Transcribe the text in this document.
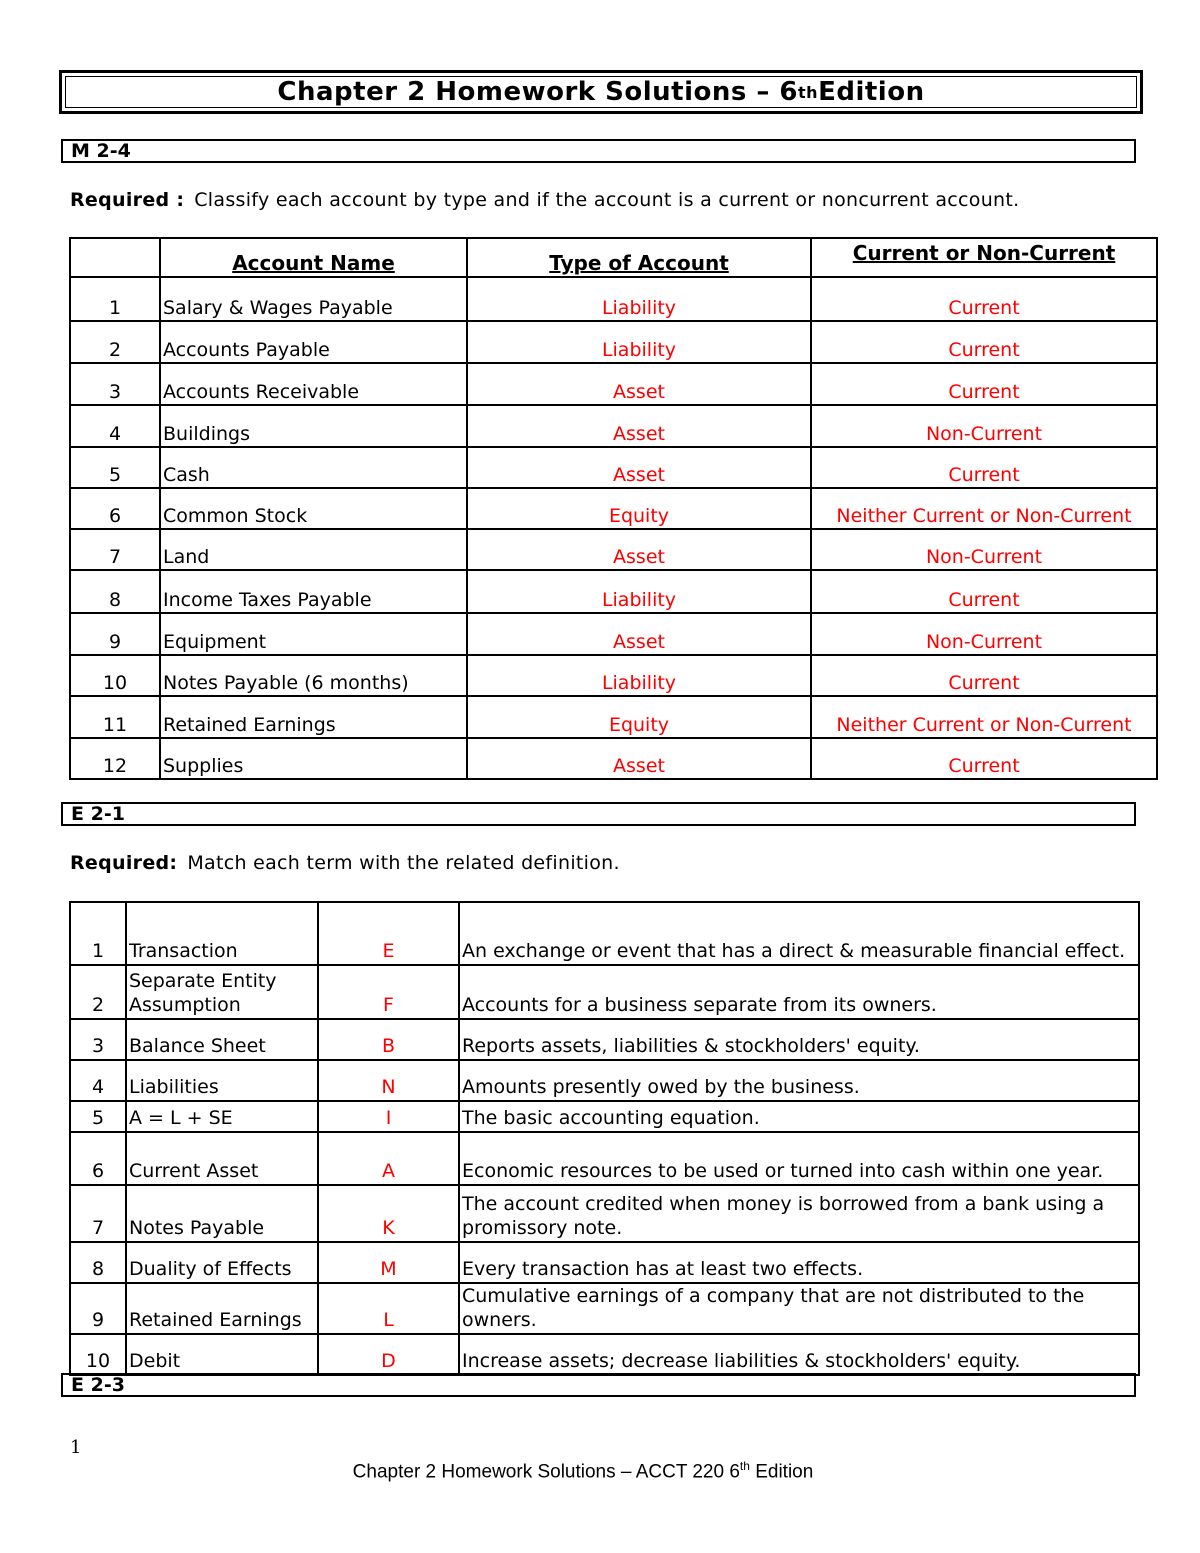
Chapter 2 Homework Solutions – 6 th Edition
M 2-4
Required : Classify each account by type and if the account is a current or noncurrent account.
	Account Name	Type of Account	Current or Non-Current
1	Salary & Wages Payable	Liability	Current
2	Accounts Payable	Liability	Current
3	Accounts Receivable	Asset	Current
4	Buildings	Asset	Non-Current
5	Cash	Asset	Current
6	Common Stock	Equity	Neither Current or Non-Current
7	Land	Asset	Non-Current
8	Income Taxes Payable	Liability	Current
9	Equipment	Asset	Non-Current
10	Notes Payable (6 months)	Liability	Current
11	Retained Earnings	Equity	Neither Current or Non-Current
12	Supplies	Asset	Current
E 2-1
Required: Match each term with the related definition.
1	Transaction	E	An exchange or event that has a direct & measurable financial effect.
2	Separate Entity Assumption	F	Accounts for a business separate from its owners.
3	Balance Sheet	B	Reports assets, liabilities & stockholders' equity.
4	Liabilities	N	Amounts presently owed by the business.
5	A = L + SE	I	The basic accounting equation.
6	Current Asset	A	Economic resources to be used or turned into cash within one year.
7	Notes Payable	K	The account credited when money is borrowed from a bank using a promissory note.
8	Duality of Effects	M	Every transaction has at least two effects.
9	Retained Earnings	L	Cumulative earnings of a company that are not distributed to the owners.
10	Debit	D	Increase assets; decrease liabilities & stockholders' equity.
E 2-3
1
Chapter 2 Homework Solutions – ACCT 220 6th Edition
